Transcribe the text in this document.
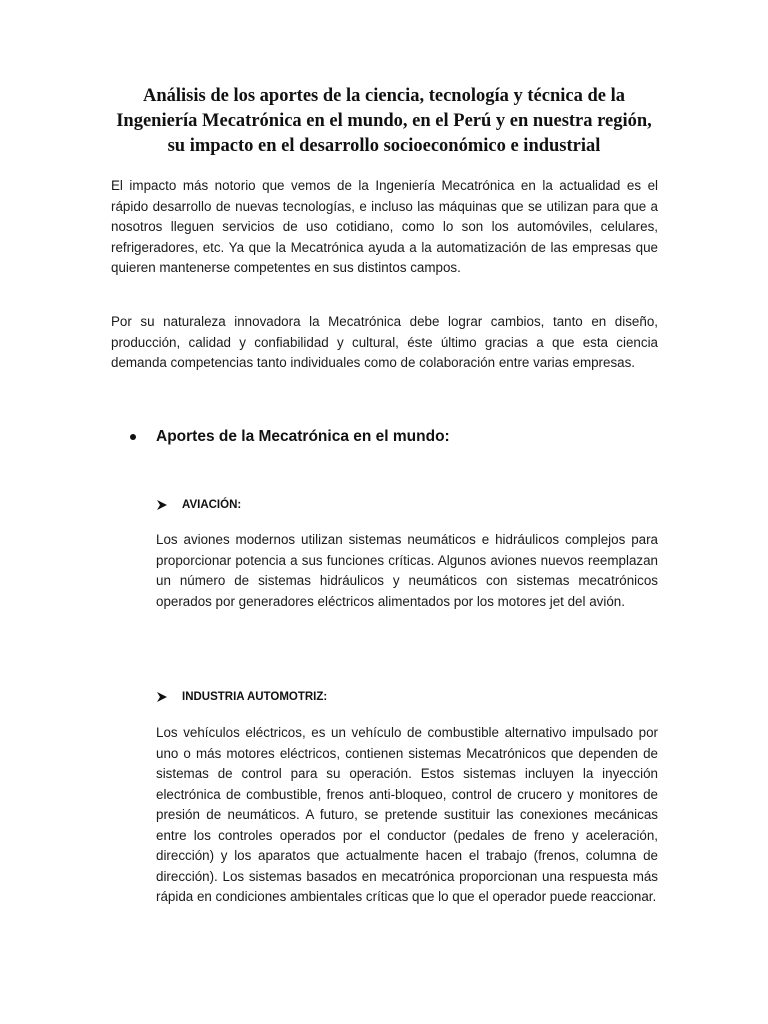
Análisis de los aportes de la ciencia, tecnología y técnica de la Ingeniería Mecatrónica en el mundo, en el Perú y en nuestra región, su impacto en el desarrollo socioeconómico e industrial
El impacto más notorio que vemos de la Ingeniería Mecatrónica en la actualidad es el rápido desarrollo de nuevas tecnologías, e incluso las máquinas que se utilizan para que a nosotros lleguen servicios de uso cotidiano, como lo son los automóviles, celulares, refrigeradores, etc. Ya que la Mecatrónica ayuda a la automatización de las empresas que quieren mantenerse competentes en sus distintos campos.
Por su naturaleza innovadora la Mecatrónica debe lograr cambios, tanto en diseño, producción, calidad y confiabilidad y cultural, éste último gracias a que esta ciencia demanda competencias tanto individuales como de colaboración entre varias empresas.
Aportes de la Mecatrónica en el mundo:
AVIACIÓN:
Los aviones modernos utilizan sistemas neumáticos e hidráulicos complejos para proporcionar potencia a sus funciones críticas. Algunos aviones nuevos reemplazan un número de sistemas hidráulicos y neumáticos con sistemas mecatrónicos operados por generadores eléctricos alimentados por los motores jet del avión.
INDUSTRIA AUTOMOTRIZ:
Los vehículos eléctricos, es un vehículo de combustible alternativo impulsado por uno o más motores eléctricos, contienen sistemas Mecatrónicos que dependen de sistemas de control para su operación. Estos sistemas incluyen la inyección electrónica de combustible, frenos anti-bloqueo, control de crucero y monitores de presión de neumáticos. A futuro, se pretende sustituir las conexiones mecánicas entre los controles operados por el conductor (pedales de freno y aceleración, dirección) y los aparatos que actualmente hacen el trabajo (frenos, columna de dirección). Los sistemas basados en mecatrónica proporcionan una respuesta más rápida en condiciones ambientales críticas que lo que el operador puede reaccionar.
